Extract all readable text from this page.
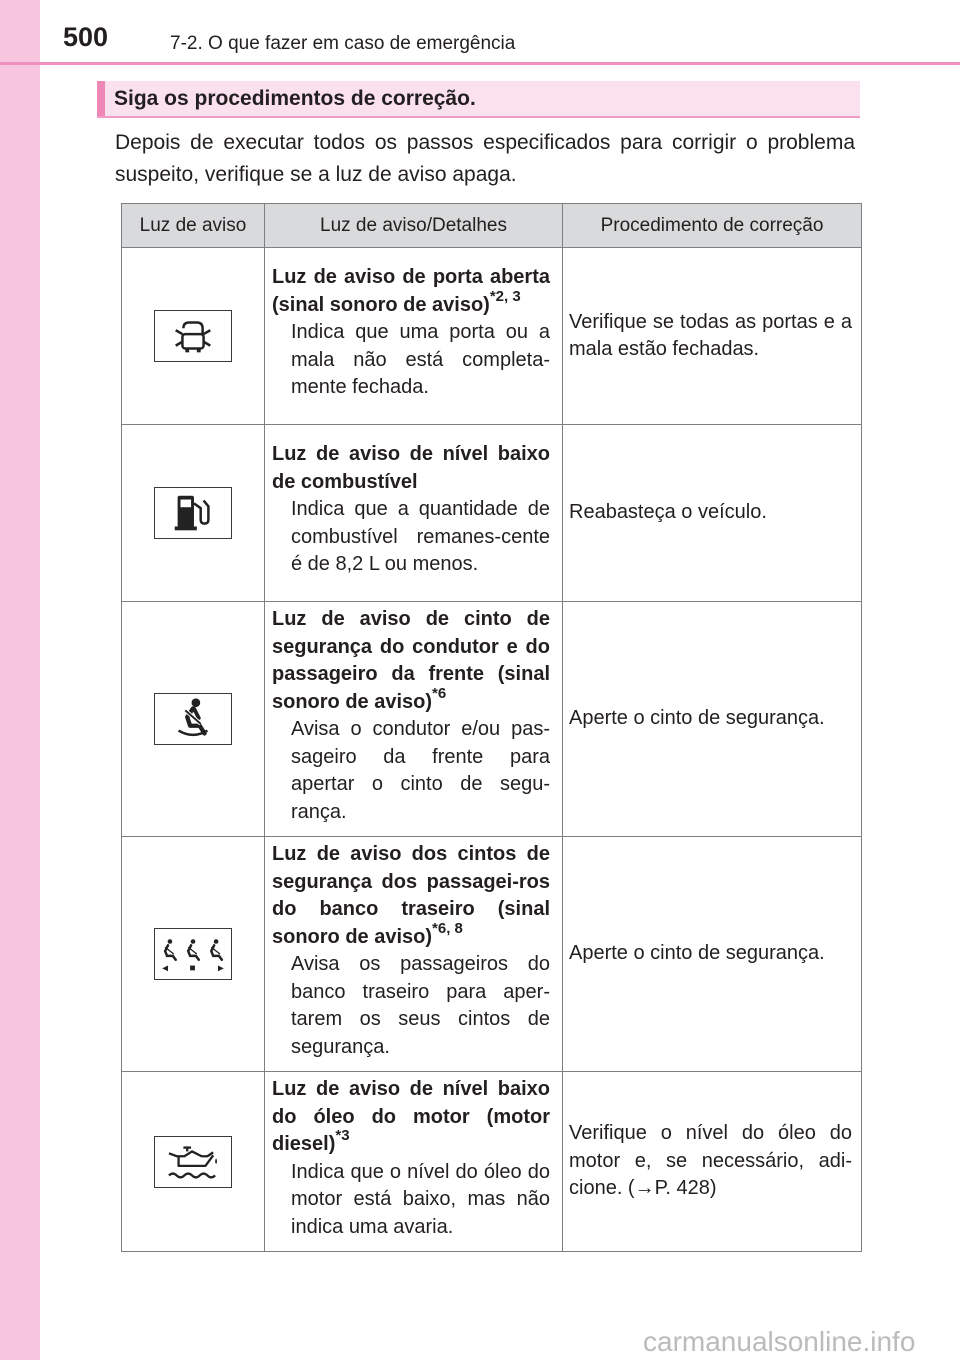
500	7-2. O que fazer em caso de emergência
Siga os procedimentos de correção.

Depois de executar todos os passos especificados para corrigir o problema suspeito, verifique se a luz de aviso apaga.

Luz de aviso	Luz de aviso/Detalhes	Procedimento de correção

Luz de aviso de porta aberta (sinal sonoro de aviso)$^{*2, 3}$
Indica que uma porta ou a mala não está completa-mente fechada.	Verifique se todas as portas e a mala estão fechadas.

Luz de aviso de nível baixo de combustível
Indica que a quantidade de combustível remanes-cente é de 8,2 L ou menos.	Reabasteça o veículo.

Luz de aviso de cinto de segurança do condutor e do passageiro da frente (sinal sonoro de aviso)$^{*6}$
Avisa o condutor e/ou pas-sageiro da frente para apertar o cinto de segu-rança.	Aperte o cinto de segurança.

Luz de aviso dos cintos de segurança dos passagei-ros do banco traseiro (sinal sonoro de aviso)$^{*6, 8}$
Avisa os passageiros do banco traseiro para aper-tarem os seus cintos de segurança.	Aperte o cinto de segurança.

Luz de aviso de nível baixo do óleo do motor (motor diesel)$^{*3}$
Indica que o nível do óleo do motor está baixo, mas não indica uma avaria.	Verifique o nível do óleo do motor e, se necessário, adi-cione. (→P. 428)
carmanualsonline.info
